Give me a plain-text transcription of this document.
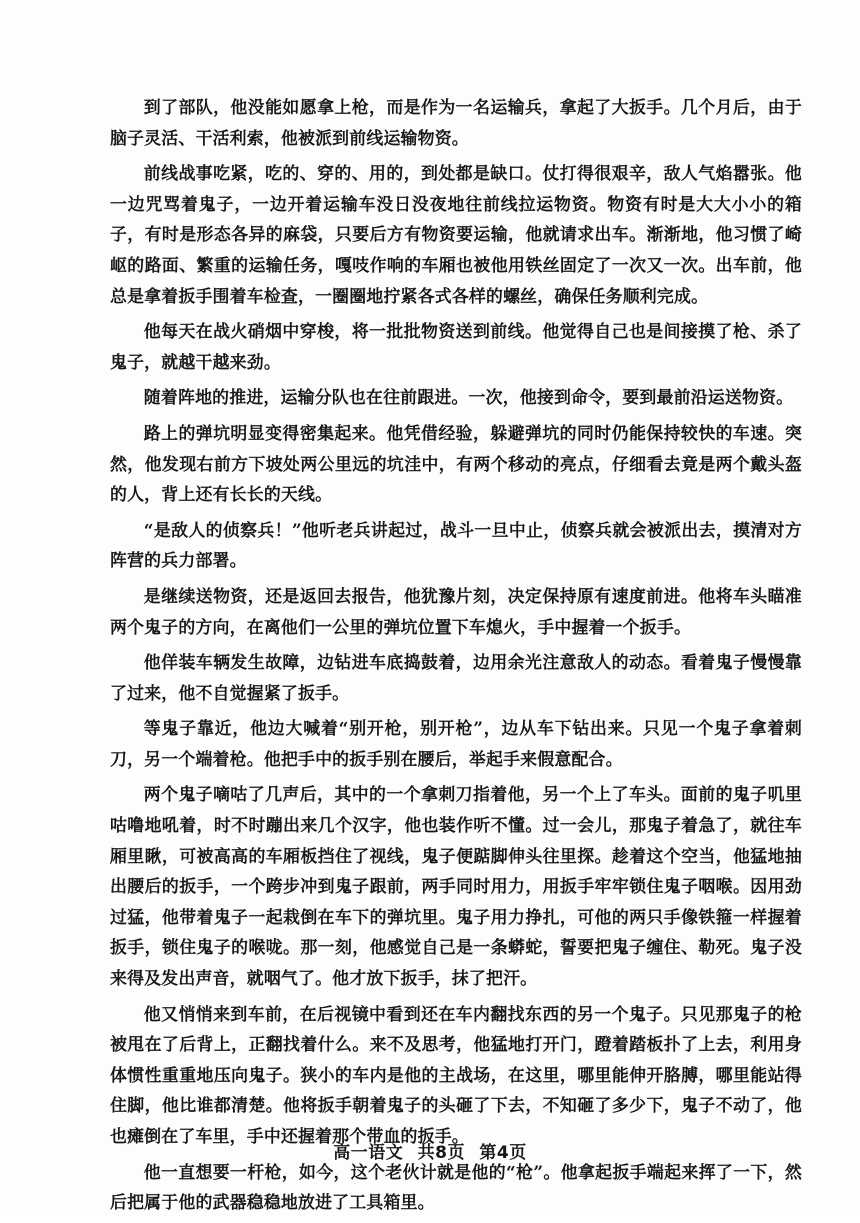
到了部队，他没能如愿拿上枪，而是作为一名运输兵，拿起了大扳手。几个月后，由于脑子灵活、干活利索，他被派到前线运输物资。

前线战事吃紧，吃的、穿的、用的，到处都是缺口。仗打得很艰辛，敌人气焰嚣张。他一边咒骂着鬼子，一边开着运输车没日没夜地往前线拉运物资。物资有时是大大小小的箱子，有时是形态各异的麻袋，只要后方有物资要运输，他就请求出车。渐渐地，他习惯了崎岖的路面、繁重的运输任务，嘎吱作响的车厢也被他用铁丝固定了一次又一次。出车前，他总是拿着扳手围着车检查，一圈圈地拧紧各式各样的螺丝，确保任务顺利完成。

他每天在战火硝烟中穿梭，将一批批物资送到前线。他觉得自己也是间接摸了枪、杀了鬼子，就越干越来劲。

随着阵地的推进，运输分队也在往前跟进。一次，他接到命令，要到最前沿运送物资。

路上的弹坑明显变得密集起来。他凭借经验，躲避弹坑的同时仍能保持较快的车速。突然，他发现右前方下坡处两公里远的坑洼中，有两个移动的亮点，仔细看去竟是两个戴头盔的人，背上还有长长的天线。

“是敌人的侦察兵！”他听老兵讲起过，战斗一旦中止，侦察兵就会被派出去，摸清对方阵营的兵力部署。

是继续送物资，还是返回去报告，他犹豫片刻，决定保持原有速度前进。他将车头瞄准两个鬼子的方向，在离他们一公里的弹坑位置下车熄火，手中握着一个扳手。

他佯装车辆发生故障，边钻进车底捣鼓着，边用余光注意敌人的动态。看着鬼子慢慢靠了过来，他不自觉握紧了扳手。

等鬼子靠近，他边大喊着“别开枪，别开枪”，边从车下钻出来。只见一个鬼子拿着刺刀，另一个端着枪。他把手中的扳手别在腰后，举起手来假意配合。

两个鬼子嘀咕了几声后，其中的一个拿刺刀指着他，另一个上了车头。面前的鬼子叽里咕噜地吼着，时不时蹦出来几个汉字，他也装作听不懂。过一会儿，那鬼子着急了，就往车厢里瞅，可被高高的车厢板挡住了视线，鬼子便踮脚伸头往里探。趁着这个空当，他猛地抽出腰后的扳手，一个跨步冲到鬼子跟前，两手同时用力，用扳手牢牢锁住鬼子咽喉。因用劲过猛，他带着鬼子一起栽倒在车下的弹坑里。鬼子用力挣扎，可他的两只手像铁箍一样握着扳手，锁住鬼子的喉咙。那一刻，他感觉自己是一条蟒蛇，誓要把鬼子缠住、勒死。鬼子没来得及发出声音，就咽气了。他才放下扳手，抹了把汗。

他又悄悄来到车前，在后视镜中看到还在车内翻找东西的另一个鬼子。只见那鬼子的枪被甩在了后背上，正翻找着什么。来不及思考，他猛地打开门，蹬着踏板扑了上去，利用身体惯性重重地压向鬼子。狭小的车内是他的主战场，在这里，哪里能伸开胳膊，哪里能站得住脚，他比谁都清楚。他将扳手朝着鬼子的头砸了下去，不知砸了多少下，鬼子不动了，他也瘫倒在了车里，手中还握着那个带血的扳手。

他一直想要一杆枪，如今，这个老伙计就是他的“枪”。他拿起扳手端起来挥了一下，然后把属于他的武器稳稳地放进了工具箱里。

高一语文 共8页 第4页
